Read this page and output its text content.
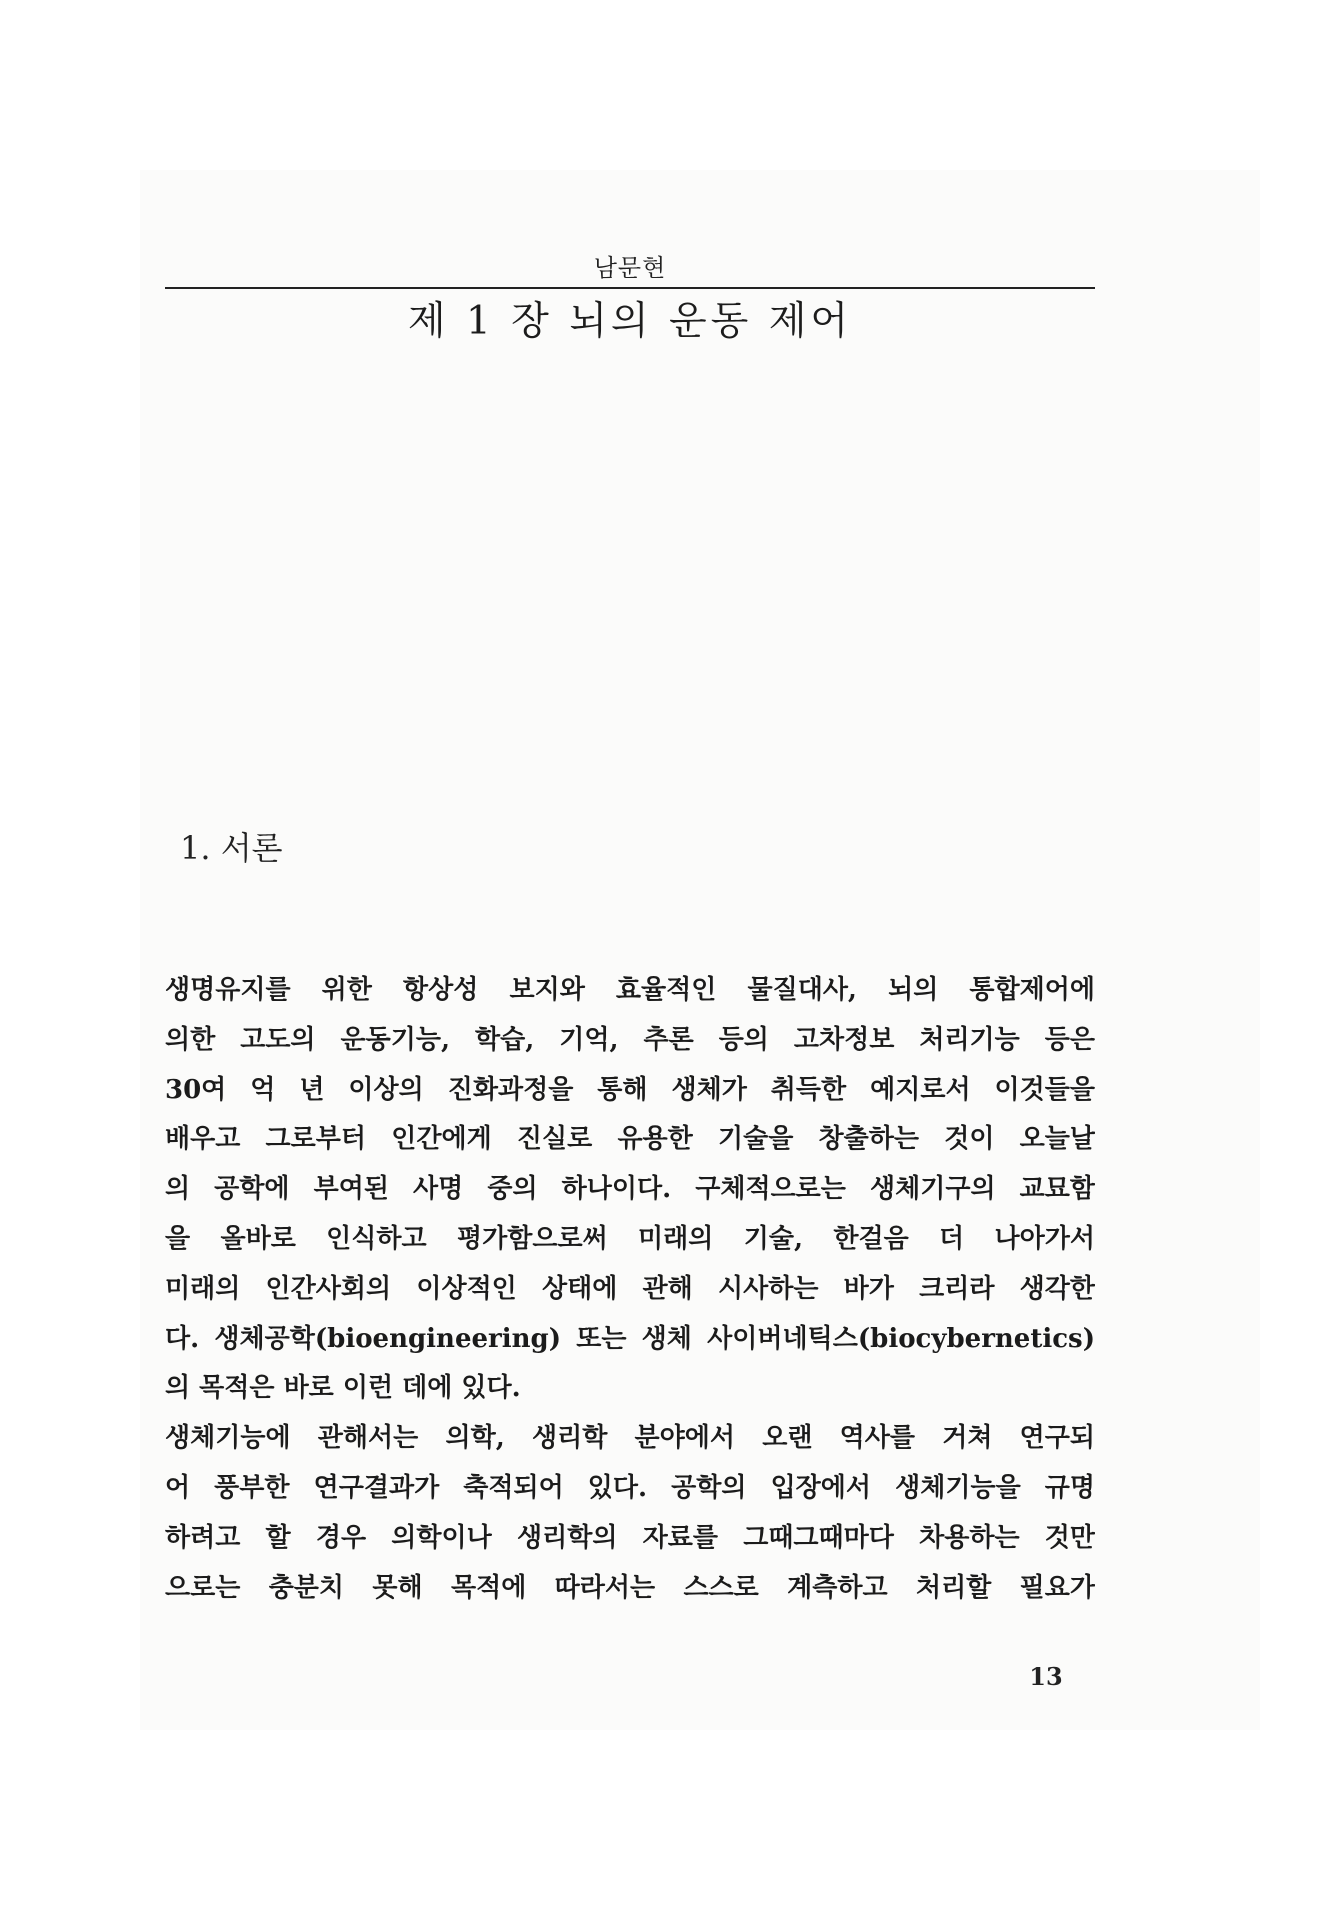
남문현
제 1 장 뇌의 운동 제어
1. 서론
생명유지를 위한 항상성 보지와 효율적인 물질대사, 뇌의 통합제어에
의한 고도의 운동기능, 학습, 기억, 추론 등의 고차정보 처리기능 등은
30여 억 년 이상의 진화과정을 통해 생체가 취득한 예지로서 이것들을
배우고 그로부터 인간에게 진실로 유용한 기술을 창출하는 것이 오늘날
의 공학에 부여된 사명 중의 하나이다. 구체적으로는 생체기구의 교묘함
을 올바로 인식하고 평가함으로써 미래의 기술, 한걸음 더 나아가서
미래의 인간사회의 이상적인 상태에 관해 시사하는 바가 크리라 생각한
다. 생체공학(bioengineering) 또는 생체 사이버네틱스(biocybernetics)
의 목적은 바로 이런 데에 있다.
생체기능에 관해서는 의학, 생리학 분야에서 오랜 역사를 거쳐 연구되
어 풍부한 연구결과가 축적되어 있다. 공학의 입장에서 생체기능을 규명
하려고 할 경우 의학이나 생리학의 자료를 그때그때마다 차용하는 것만
으로는 충분치 못해 목적에 따라서는 스스로 계측하고 처리할 필요가
13
